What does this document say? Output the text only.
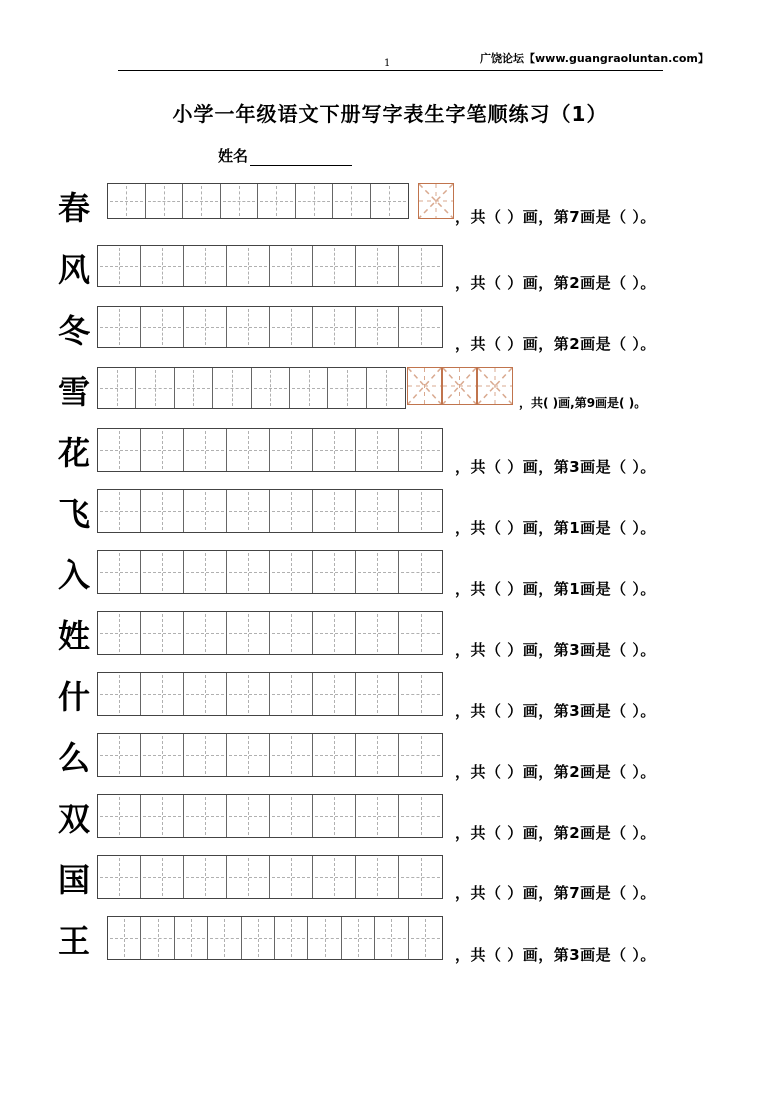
广饶论坛【www.guangraoluntan.com】
1
小学一年级语文下册写字表生字笔顺练习（1）
姓名
春	，共（ ）画，第7画是（ ）。
风	，共（ ）画，第2画是（ ）。
冬	，共（ ）画，第2画是（ ）。
雪	，共( )画,第9画是( )。
花	，共（ ）画，第3画是（ ）。
飞	，共（ ）画，第1画是（ ）。
入	，共（ ）画，第1画是（ ）。
姓	，共（ ）画，第3画是（ ）。
什	，共（ ）画，第3画是（ ）。
么	，共（ ）画，第2画是（ ）。
双	，共（ ）画，第2画是（ ）。
国	，共（ ）画，第7画是（ ）。
王	，共（ ）画，第3画是（ ）。
